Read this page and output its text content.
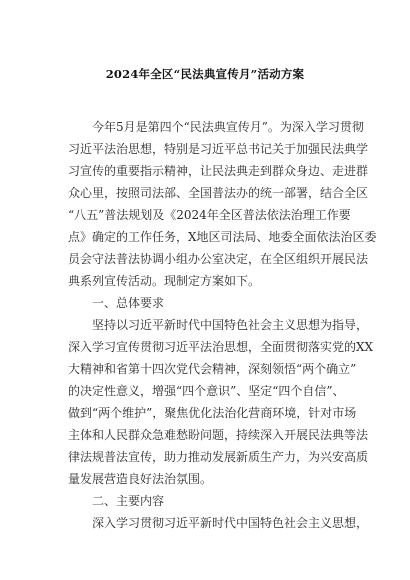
2024年全区“民法典宣传月”活动方案
今年5月是第四个“民法典宣传月”。为深入学习贯彻
习近平法治思想，特别是习近平总书记关于加强民法典学
习宣传的重要指示精神，让民法典走到群众身边、走进群
众心里，按照司法部、全国普法办的统一部署，结合全区
“八五”普法规划及《2024年全区普法依法治理工作要
点》确定的工作任务，X地区司法局、地委全面依法治区委
员会守法普法协调小组办公室决定，在全区组织开展民法
典系列宣传活动。现制定方案如下。
一、总体要求
坚持以习近平新时代中国特色社会主义思想为指导，
深入学习宣传贯彻习近平法治思想，全面贯彻落实党的XX
大精神和省第十四次党代会精神，深刻领悟“两个确立”
的决定性意义，增强“四个意识”、坚定“四个自信”、
做到“两个维护”，聚焦优化法治化营商环境，针对市场
主体和人民群众急难愁盼问题，持续深入开展民法典等法
律法规普法宣传，助力推动发展新质生产力，为兴安高质
量发展营造良好法治氛围。
二、主要内容
深入学习贯彻习近平新时代中国特色社会主义思想，
